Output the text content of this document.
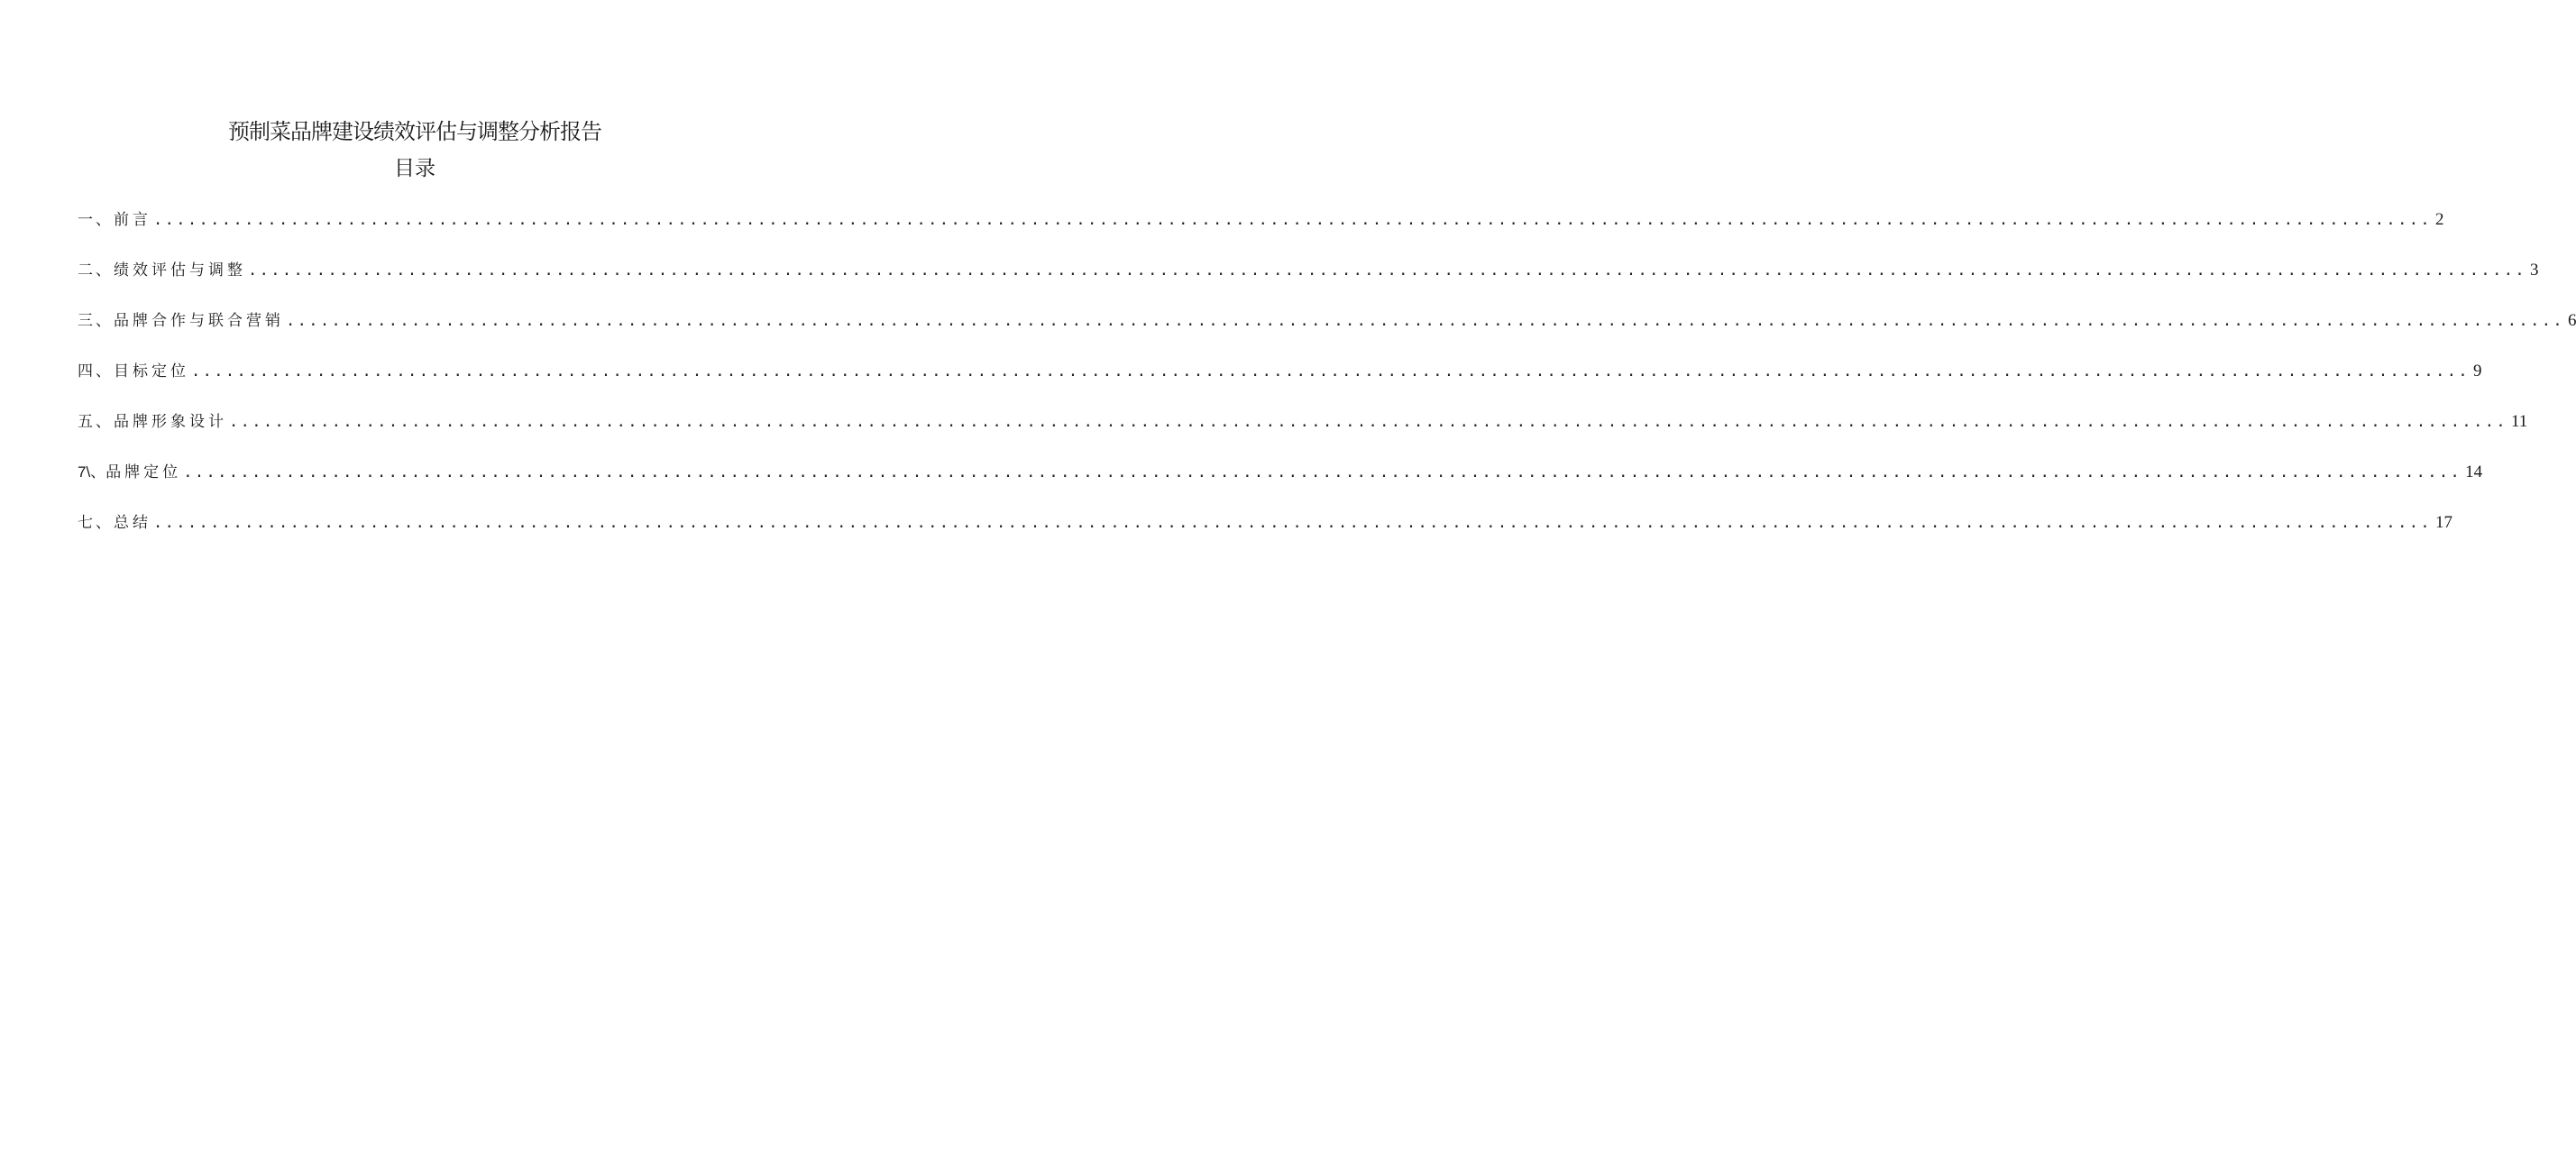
预制菜品牌建设绩效评估与调整分析报告
目录
一、 前言 ........................................................................................................................................................................................................ 2
二、 绩效评估与调整 ........................................................................................................................................................................................................ 3
三、 品牌合作与联合营销 ........................................................................................................................................................................................................ 6
四、 目标定位 ........................................................................................................................................................................................................ 9
五、 品牌形象设计 ........................................................................................................................................................................................................ 11
7\、 品牌定位 ........................................................................................................................................................................................................ 14
七、 总结 ........................................................................................................................................................................................................ 17
